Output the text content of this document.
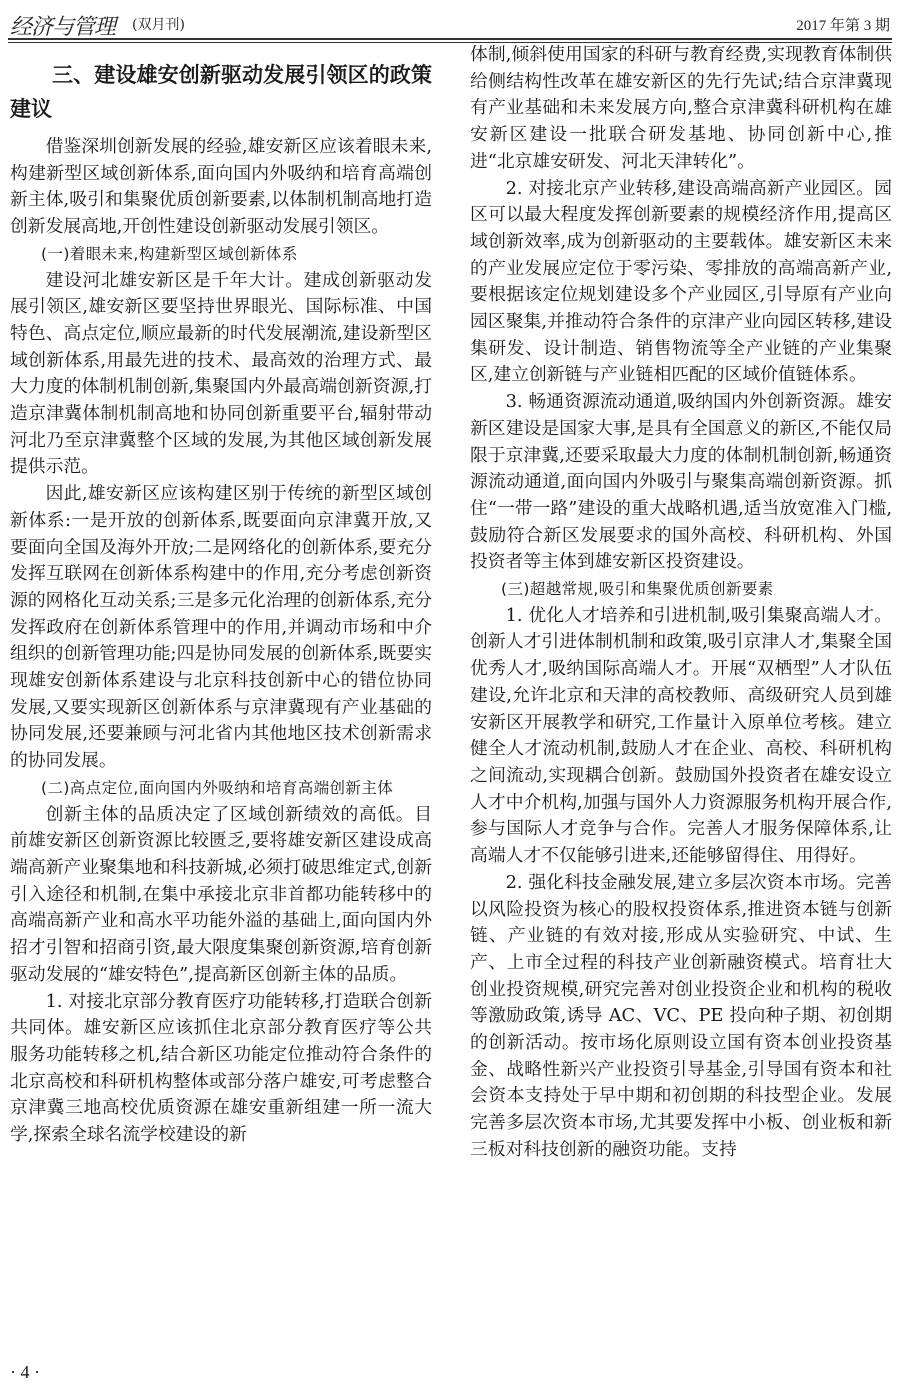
经济与管理 (双月刊)	2017 年第 3 期
三、建设雄安创新驱动发展引领区的政策建议

借鉴深圳创新发展的经验,雄安新区应该着眼未来,构建新型区域创新体系,面向国内外吸纳和培育高端创新主体,吸引和集聚优质创新要素,以体制机制高地打造创新发展高地,开创性建设创新驱动发展引领区。

(一)着眼未来,构建新型区域创新体系

建设河北雄安新区是千年大计。建成创新驱动发展引领区,雄安新区要坚持世界眼光、国际标准、中国特色、高点定位,顺应最新的时代发展潮流,建设新型区域创新体系,用最先进的技术、最高效的治理方式、最大力度的体制机制创新,集聚国内外最高端创新资源,打造京津冀体制机制高地和协同创新重要平台,辐射带动河北乃至京津冀整个区域的发展,为其他区域创新发展提供示范。

因此,雄安新区应该构建区别于传统的新型区域创新体系:一是开放的创新体系,既要面向京津冀开放,又要面向全国及海外开放;二是网络化的创新体系,要充分发挥互联网在创新体系构建中的作用,充分考虑创新资源的网格化互动关系;三是多元化治理的创新体系,充分发挥政府在创新体系管理中的作用,并调动市场和中介组织的创新管理功能;四是协同发展的创新体系,既要实现雄安创新体系建设与北京科技创新中心的错位协同发展,又要实现新区创新体系与京津冀现有产业基础的协同发展,还要兼顾与河北省内其他地区技术创新需求的协同发展。

(二)高点定位,面向国内外吸纳和培育高端创新主体

创新主体的品质决定了区域创新绩效的高低。目前雄安新区创新资源比较匮乏,要将雄安新区建设成高端高新产业聚集地和科技新城,必须打破思维定式,创新引入途径和机制,在集中承接北京非首都功能转移中的高端高新产业和高水平功能外溢的基础上,面向国内外招才引智和招商引资,最大限度集聚创新资源,培育创新驱动发展的“雄安特色”,提高新区创新主体的品质。

1. 对接北京部分教育医疗功能转移,打造联合创新共同体。雄安新区应该抓住北京部分教育医疗等公共服务功能转移之机,结合新区功能定位推动符合条件的北京高校和科研机构整体或部分落户雄安,可考虑整合京津冀三地高校优质资源在雄安重新组建一所一流大学,探索全球名流学校建设的新

体制,倾斜使用国家的科研与教育经费,实现教育体制供给侧结构性改革在雄安新区的先行先试;结合京津冀现有产业基础和未来发展方向,整合京津冀科研机构在雄安新区建设一批联合研发基地、协同创新中心,推进“北京雄安研发、河北天津转化”。

2. 对接北京产业转移,建设高端高新产业园区。园区可以最大程度发挥创新要素的规模经济作用,提高区域创新效率,成为创新驱动的主要载体。雄安新区未来的产业发展应定位于零污染、零排放的高端高新产业,要根据该定位规划建设多个产业园区,引导原有产业向园区聚集,并推动符合条件的京津产业向园区转移,建设集研发、设计制造、销售物流等全产业链的产业集聚区,建立创新链与产业链相匹配的区域价值链体系。

3. 畅通资源流动通道,吸纳国内外创新资源。雄安新区建设是国家大事,是具有全国意义的新区,不能仅局限于京津冀,还要采取最大力度的体制机制创新,畅通资源流动通道,面向国内外吸引与聚集高端创新资源。抓住“一带一路”建设的重大战略机遇,适当放宽准入门槛,鼓励符合新区发展要求的国外高校、科研机构、外国投资者等主体到雄安新区投资建设。

(三)超越常规,吸引和集聚优质创新要素

1. 优化人才培养和引进机制,吸引集聚高端人才。创新人才引进体制机制和政策,吸引京津人才,集聚全国优秀人才,吸纳国际高端人才。开展“双栖型”人才队伍建设,允许北京和天津的高校教师、高级研究人员到雄安新区开展教学和研究,工作量计入原单位考核。建立健全人才流动机制,鼓励人才在企业、高校、科研机构之间流动,实现耦合创新。鼓励国外投资者在雄安设立人才中介机构,加强与国外人力资源服务机构开展合作,参与国际人才竞争与合作。完善人才服务保障体系,让高端人才不仅能够引进来,还能够留得住、用得好。

2. 强化科技金融发展,建立多层次资本市场。完善以风险投资为核心的股权投资体系,推进资本链与创新链、产业链的有效对接,形成从实验研究、中试、生产、上市全过程的科技产业创新融资模式。培育壮大创业投资规模,研究完善对创业投资企业和机构的税收等激励政策,诱导 AC、VC、PE 投向种子期、初创期的创新活动。按市场化原则设立国有资本创业投资基金、战略性新兴产业投资引导基金,引导国有资本和社会资本支持处于早中期和初创期的科技型企业。发展完善多层次资本市场,尤其要发挥中小板、创业板和新三板对科技创新的融资功能。支持

· 4 ·
